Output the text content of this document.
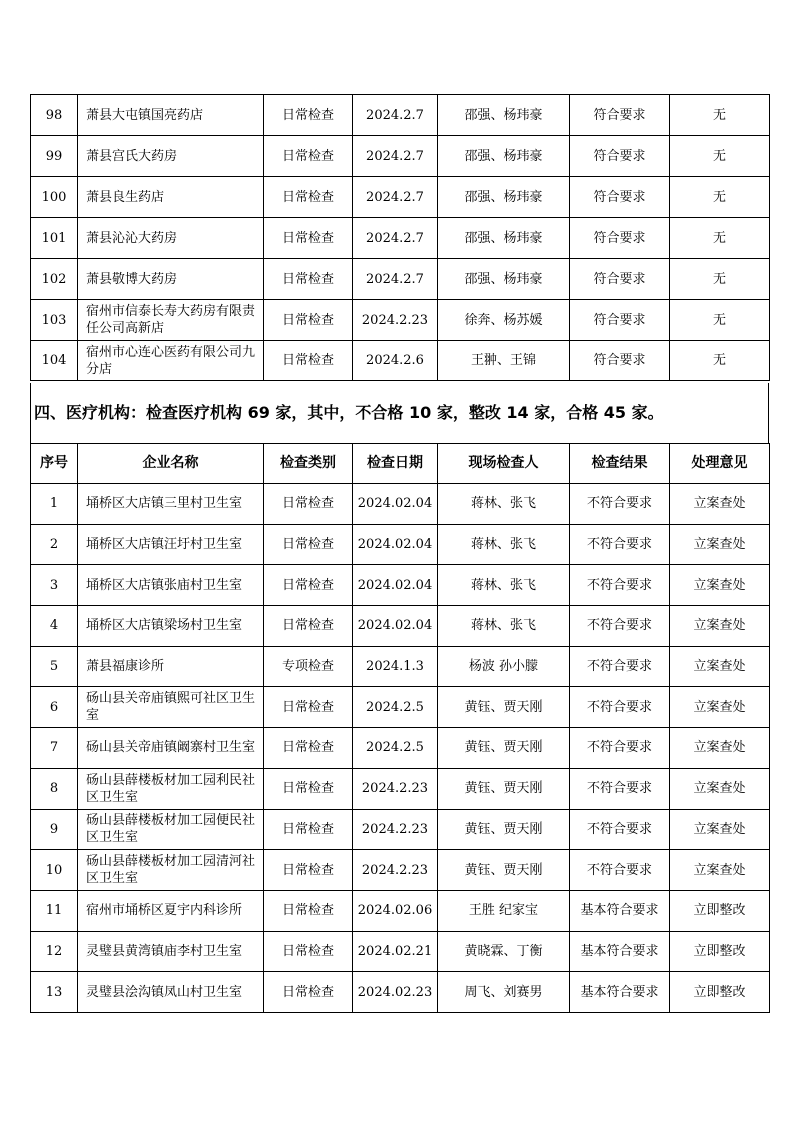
98	萧县大屯镇国亮药店	日常检查	2024.2.7	邵强、杨玮豪	符合要求	无
99	萧县宫氏大药房	日常检查	2024.2.7	邵强、杨玮豪	符合要求	无
100	萧县良生药店	日常检查	2024.2.7	邵强、杨玮豪	符合要求	无
101	萧县沁沁大药房	日常检查	2024.2.7	邵强、杨玮豪	符合要求	无
102	萧县敬博大药房	日常检查	2024.2.7	邵强、杨玮豪	符合要求	无
103	宿州市信泰长寿大药房有限责任公司高新店	日常检查	2024.2.23	徐奔、杨苏媛	符合要求	无
104	宿州市心连心医药有限公司九分店	日常检查	2024.2.6	王翀、王锦	符合要求	无
四、医疗机构：检查医疗机构 69 家，其中，不合格 10 家，整改 14 家，合格 45 家。
序号	企业名称	检查类别	检查日期	现场检查人	检查结果	处理意见
1	埇桥区大店镇三里村卫生室	日常检查	2024.02.04	蒋林、张飞	不符合要求	立案查处
2	埇桥区大店镇汪圩村卫生室	日常检查	2024.02.04	蒋林、张飞	不符合要求	立案查处
3	埇桥区大店镇张庙村卫生室	日常检查	2024.02.04	蒋林、张飞	不符合要求	立案查处
4	埇桥区大店镇梁场村卫生室	日常检查	2024.02.04	蒋林、张飞	不符合要求	立案查处
5	萧县福康诊所	专项检查	2024.1.3	杨波 孙小朦	不符合要求	立案查处
6	砀山县关帝庙镇熙可社区卫生室	日常检查	2024.2.5	黄钰、贾天刚	不符合要求	立案查处
7	砀山县关帝庙镇阚寨村卫生室	日常检查	2024.2.5	黄钰、贾天刚	不符合要求	立案查处
8	砀山县薛楼板材加工园利民社区卫生室	日常检查	2024.2.23	黄钰、贾天刚	不符合要求	立案查处
9	砀山县薛楼板材加工园便民社区卫生室	日常检查	2024.2.23	黄钰、贾天刚	不符合要求	立案查处
10	砀山县薛楼板材加工园清河社区卫生室	日常检查	2024.2.23	黄钰、贾天刚	不符合要求	立案查处
11	宿州市埇桥区夏宇内科诊所	日常检查	2024.02.06	王胜 纪家宝	基本符合要求	立即整改
12	灵璧县黄湾镇庙李村卫生室	日常检查	2024.02.21	黄晓霖、丁衡	基本符合要求	立即整改
13	灵璧县浍沟镇凤山村卫生室	日常检查	2024.02.23	周飞、刘赛男	基本符合要求	立即整改
